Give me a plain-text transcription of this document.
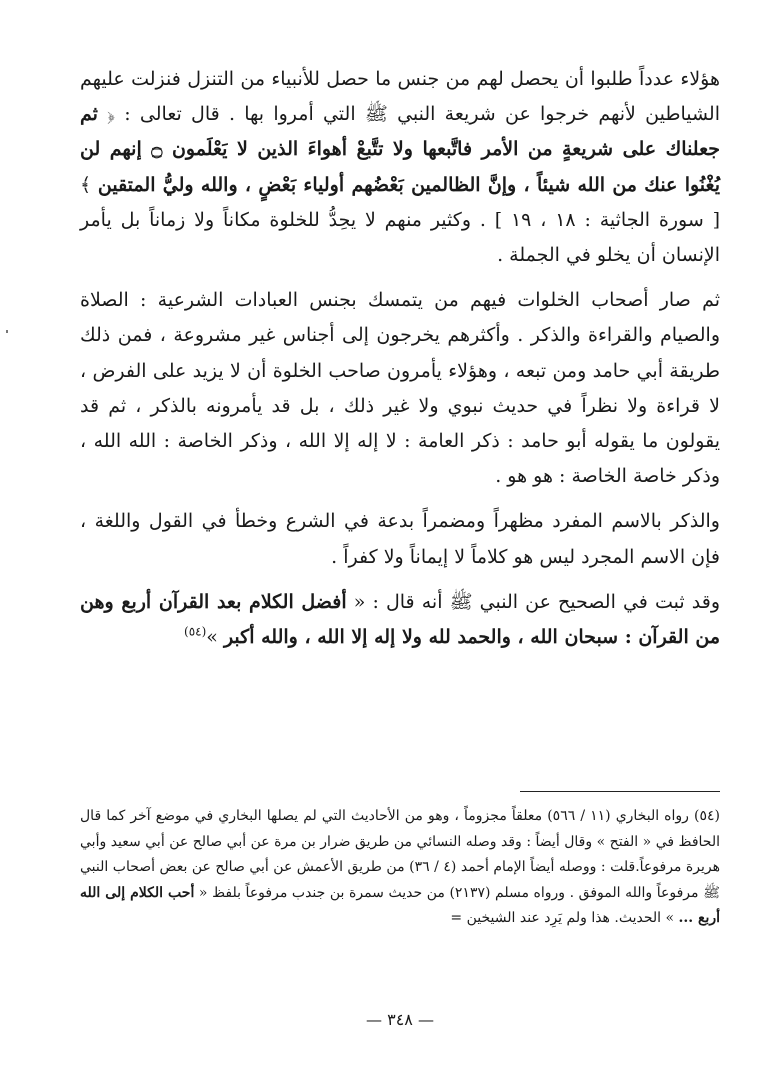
هؤلاء عدداً طلبوا أن يحصل لهم من جنس ما حصل للأنبياء من التنزل فنزلت عليهم الشياطين لأنهم خرجوا عن شريعة النبي ﷺ التي أمروا بها . قال تعالى : ﴿ ثم جعلناك على شريعةٍ من الأمر فاتَّبعها ولا تتَّبعْ أهواءَ الذين لا يَعْلَمون ۝ إنهم لن يُغْنُوا عنك من الله شيئاً ، وإنَّ الظالمين بَعْضُهم أولياء بَعْضٍ ، والله وليُّ المتقين ﴾ [ سورة الجاثية : ١٨ ، ١٩ ] . وكثير منهم لا يحِدُّ للخلوة مكاناً ولا زماناً بل يأمر الإنسان أن يخلو في الجملة .

ثم صار أصحاب الخلوات فيهم من يتمسك بجنس العبادات الشرعية : الصلاة والصيام والقراءة والذكر . وأكثرهم يخرجون إلى أجناس غير مشروعة ، فمن ذلك طريقة أبي حامد ومن تبعه ، وهؤلاء يأمرون صاحب الخلوة أن لا يزيد على الفرض ، لا قراءة ولا نظراً في حديث نبوي ولا غير ذلك ، بل قد يأمرونه بالذكر ، ثم قد يقولون ما يقوله أبو حامد : ذكر العامة : لا إله إلا الله ، وذكر الخاصة : الله الله ، وذكر خاصة الخاصة : هو هو .

والذكر بالاسم المفرد مظهراً ومضمراً بدعة في الشرع وخطأ في القول واللغة ، فإن الاسم المجرد ليس هو كلاماً لا إيماناً ولا كفراً .

وقد ثبت في الصحيح عن النبي ﷺ أنه قال : « أفضل الكلام بعد القرآن أربع وهن من القرآن : سبحان الله ، والحمد لله ولا إله إلا الله ، والله أكبر »$^{(٥٤)}$

(٥٤) رواه البخاري (١١ / ٥٦٦) معلقاً مجزوماً ، وهو من الأحاديث التي لم يصلها البخاري في موضع آخر كما قال الحافظ في « الفتح » وقال أيضاً : وقد وصله النسائي من طريق ضرار بن مرة عن أبي صالح عن أبي سعيد وأبي هريرة مرفوعاً.قلت : ووصله أيضاً الإمام أحمد (٤ / ٣٦) من طريق الأعمش عن أبي صالح عن بعض أصحاب النبي ﷺ مرفوعاً والله الموفق . ورواه مسلم (٢١٣٧) من حديث سمرة بن جندب مرفوعاً بلفظ « أحب الكلام إلى الله أربع ... » الحديث. هذا ولم يَرِد عند الشيخين =

— ٣٤٨ —
